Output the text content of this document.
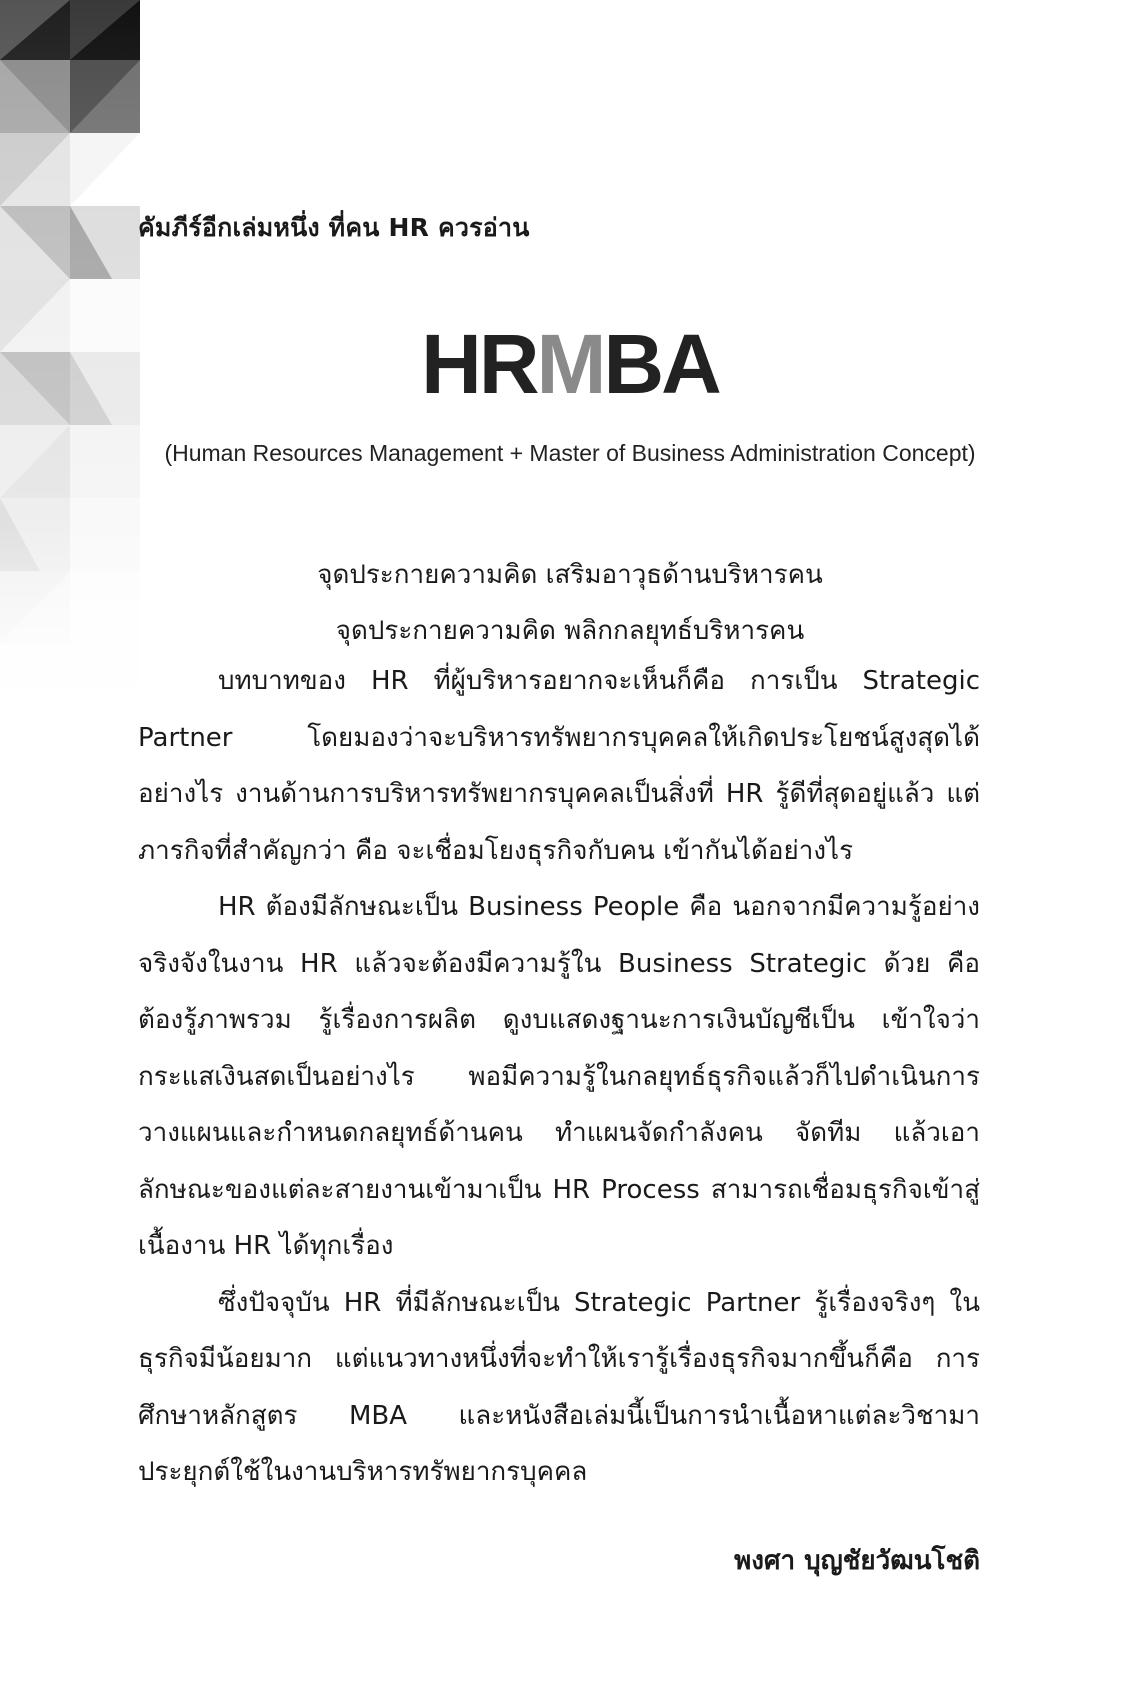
คัมภีร์อีกเล่มหนึ่ง ที่คน HR ควรอ่าน
HRMBA
(Human Resources Management + Master of Business Administration Concept)
จุดประกายความคิด เสริมอาวุธด้านบริหารคน
จุดประกายความคิด พลิกกลยุทธ์บริหารคน

บทบาทของ HR ที่ผู้บริหารอยากจะเห็นก็คือ การเป็น Strategic Partner โดยมองว่าจะบริหารทรัพยากรบุคคลให้เกิดประโยชน์สูงสุดได้อย่างไร งานด้านการบริหารทรัพยากรบุคคลเป็นสิ่งที่ HR รู้ดีที่สุดอยู่แล้ว แต่ภารกิจที่สำคัญกว่า คือ จะเชื่อมโยงธุรกิจกับคน เข้ากันได้อย่างไร

HR ต้องมีลักษณะเป็น Business People คือ นอกจากมีความรู้อย่างจริงจังในงาน HR แล้วจะต้องมีความรู้ใน Business Strategic ด้วย คือ ต้องรู้ภาพรวม รู้เรื่องการผลิต ดูงบแสดงฐานะการเงินบัญชีเป็น เข้าใจว่ากระแสเงินสดเป็นอย่างไร พอมีความรู้ในกลยุทธ์ธุรกิจแล้วก็ไปดำเนินการวางแผนและกำหนดกลยุทธ์ด้านคน ทำแผนจัดกำลังคน จัดทีม แล้วเอาลักษณะของแต่ละสายงานเข้ามาเป็น HR Process สามารถเชื่อมธุรกิจเข้าสู่เนื้องาน HR ได้ทุกเรื่อง

ซึ่งปัจจุบัน HR ที่มีลักษณะเป็น Strategic Partner รู้เรื่องจริงๆ ในธุรกิจมีน้อยมาก แต่แนวทางหนึ่งที่จะทำให้เรารู้เรื่องธุรกิจมากขึ้นก็คือ การศึกษาหลักสูตร MBA และหนังสือเล่มนี้เป็นการนำเนื้อหาแต่ละวิชามาประยุกต์ใช้ในงานบริหารทรัพยากรบุคคล

พงศา บุญชัยวัฒนโชติ
